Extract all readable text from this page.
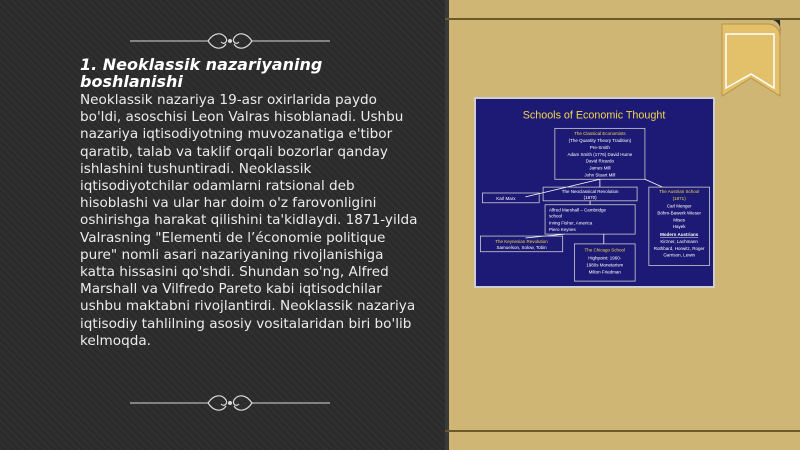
1. Neoklassik nazariyaning boshlanishi
Neoklassik nazariya 19-asr oxirlarida paydo bo'ldi, asoschisi Leon Valras hisoblanadi. Ushbu nazariya iqtisodiyotning muvozanatiga e'tibor qaratib, talab va taklif orqali bozorlar qanday ishlashini tushuntiradi. Neoklassik iqtisodiyotchilar odamlarni ratsional deb hisoblashi va ular har doim o'z farovonligini oshirishga harakat qilishini ta'kidlaydi. 1871-yilda Valrasning "Elementi de l’économie politique pure" nomli asari nazariyaning rivojlanishiga katta hissasini qo'shdi. Shundan so'ng, Alfred Marshall va Vilfredo Pareto kabi iqtisodchilar ushbu maktabni rivojlantirdi. Neoklassik nazariya iqtisodiy tahlilning asosiy vositalaridan biri bo'lib kelmoqda.
Schools of Economic Thought
The Classical Economists
(The Quantity Theory Tradition)
Pre-Smith
Adam Smith (1776) David Hume
David Ricardo
James Mill
John Stuart Mill
Karl Marx
The Neoclassical Revolution
(1870)
Alfred Marshall – Cambridge
school
Irving Fisher, America
Piero Keynes
The Austrian School
(1871)
Carl Menger
Böhm-Bawerk Wieser
Mises
Hayek
Modern Austrians
Kirzner, Lachmann
Rothbard, Horwitz, Roger
Garrison, Lewin
The Keynesian Revolution
Samuelson, Solow, Tobin
The Chicago School
Highpoint: 1960-
1980s Monetarism
Milton Friedman
